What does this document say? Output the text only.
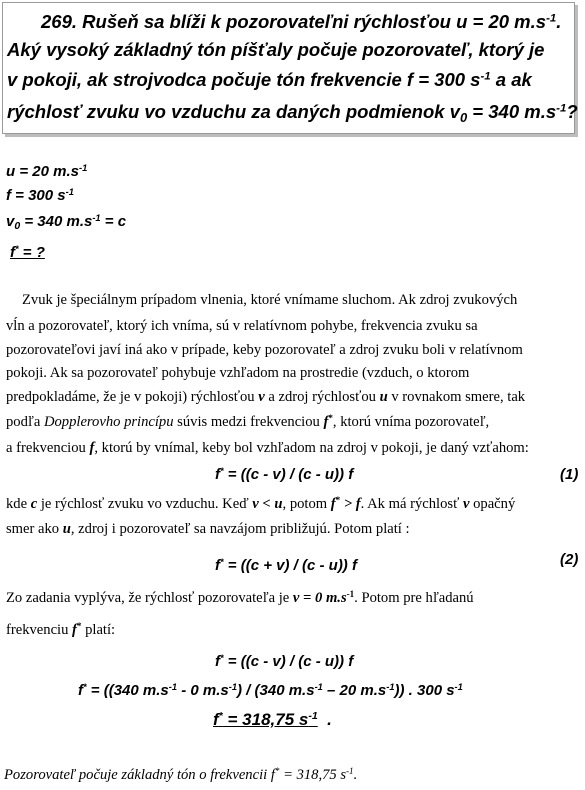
269. Rušeň sa blíži k pozorovateľni rýchlosťou u = 20 $m.s^{-1}$.
Aký vysoký základný tón píšťaly počuje pozorovateľ, ktorý je
v pokoji, ak strojvodca počuje tón frekvencie f = 300 $s^{-1}$ a ak
rýchlosť zvuku vo vzduchu za daných podmienok $v_0 = 340$ $m.s^{-1}$?
u = 20 $m.s^{-1}$
f = 300 $s^{-1}$
$v_0 = 340$ $m.s^{-1} = c$
f* = ?
Zvuk je špeciálnym prípadom vlnenia, ktoré vnímame sluchom. Ak zdroj zvukových
vĺn a pozorovateľ, ktorý ich vníma, sú v relatívnom pohybe, frekvencia zvuku sa
pozorovateľovi javí iná ako v prípade, keby pozorovateľ a zdroj zvuku boli v relatívnom
pokoji. Ak sa pozorovateľ pohybuje vzhľadom na prostredie (vzduch, o ktorom
predpokladáme, že je v pokoji) rýchlosťou v a zdroj rýchlosťou u v rovnakom smere, tak
podľa Dopplerovho princípu súvis medzi frekvenciou f*, ktorú vníma pozorovateľ,
a frekvenciou f, ktorú by vnímal, keby bol vzhľadom na zdroj v pokoji, je daný vzťahom:
f* = ((c - v) / (c - u)) f	(1)
kde c je rýchlosť zvuku vo vzduchu. Keď v < u, potom f* > f. Ak má rýchlosť v opačný
smer ako u, zdroj i pozorovateľ sa navzájom približujú. Potom platí :
f* = ((c + v) / (c - u)) f	(2)
Zo zadania vyplýva, že rýchlosť pozorovateľa je v = 0 $m.s^{-1}$. Potom pre hľadanú
frekvenciu f* platí:
f* = ((c - v) / (c - u)) f
f* = ((340 $m.s^{-1} - 0$ $m.s^{-1}) / (340$ $m.s^{-1} - 20$ $m.s^{-1}$)) . 300 $s^{-1}$
f* = 318,75 $s^{-1}$  .
Pozorovateľ počuje základný tón o frekvencii f* = 318,75 $s^{-1}$.
